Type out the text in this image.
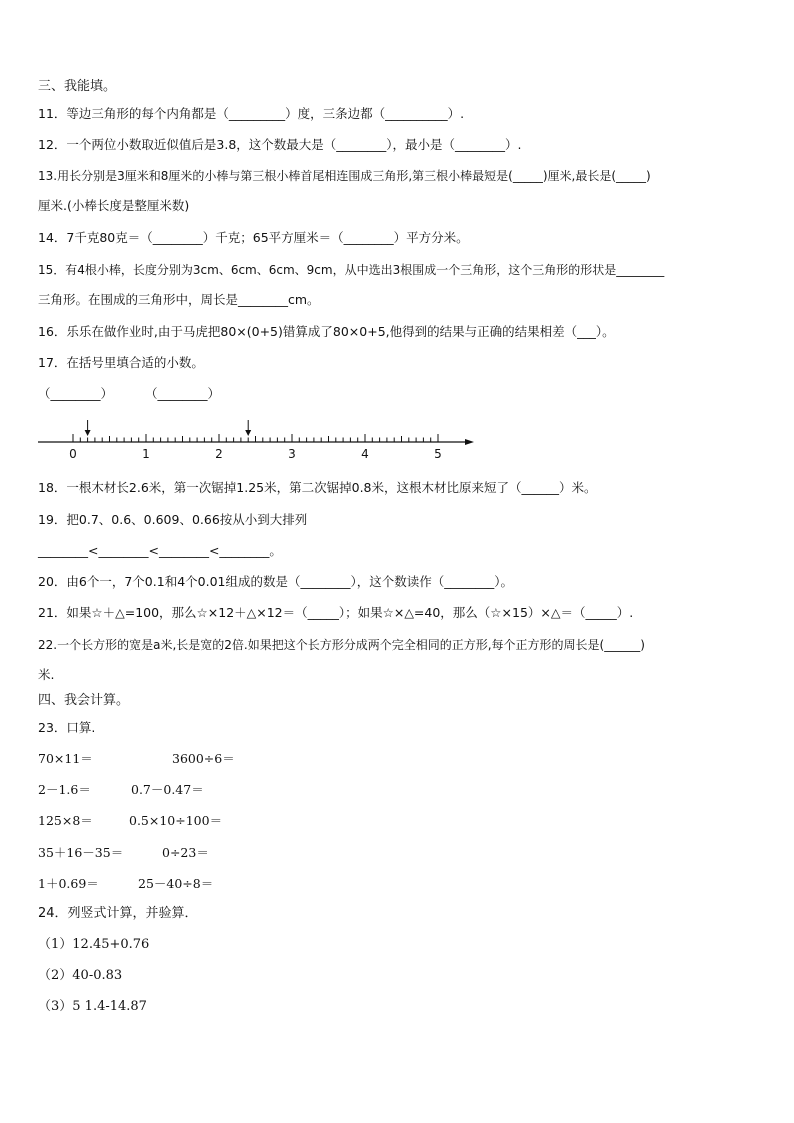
三、我能填。
11．等边三角形的每个内角都是（_________）度，三条边都（__________）.
12．一个两位小数取近似值后是3.8，这个数最大是（________），最小是（________）.
13.用长分别是3厘米和8厘米的小棒与第三根小棒首尾相连围成三角形,第三根小棒最短是(_____)厘米,最长是(_____)
厘米.(小棒长度是整厘米数)
14．7千克80克＝（________）千克；65平方厘米＝（________）平方分米。
15．有4根小棒，长度分别为3cm、6cm、6cm、9cm，从中选出3根围成一个三角形，这个三角形的形状是________
三角形。在围成的三角形中，周长是________cm。
16．乐乐在做作业时,由于马虎把80×(0+5)错算成了80×0+5,他得到的结果与正确的结果相差（___）。
17．在括号里填合适的小数。
（________）	（________）
0	1	2	3	4	5
18．一根木材长2.6米，第一次锯掉1.25米，第二次锯掉0.8米，这根木材比原来短了（______）米。
19．把0.7、0.6、0.609、0.66按从小到大排列
________<________<________<________。
20．由6个一，7个0.1和4个0.01组成的数是（________），这个数读作（________）。
21．如果☆＋△=100，那么☆×12＋△×12＝（_____）；如果☆×△=40，那么（☆×15）×△＝（_____）.
22.一个长方形的宽是a米,长是宽的2倍.如果把这个长方形分成两个完全相同的正方形,每个正方形的周长是(______)
米.
四、我会计算。
23．口算.
70×11＝	3600÷6＝
2－1.6＝	0.7－0.47＝
125×8＝	0.5×10÷100＝
35＋16－35＝	0÷23＝
1＋0.69＝	25－40÷8＝
24．列竖式计算，并验算．
（1）12.45+0.76
（2）40-0.83
（3）5 1.4-14.87
